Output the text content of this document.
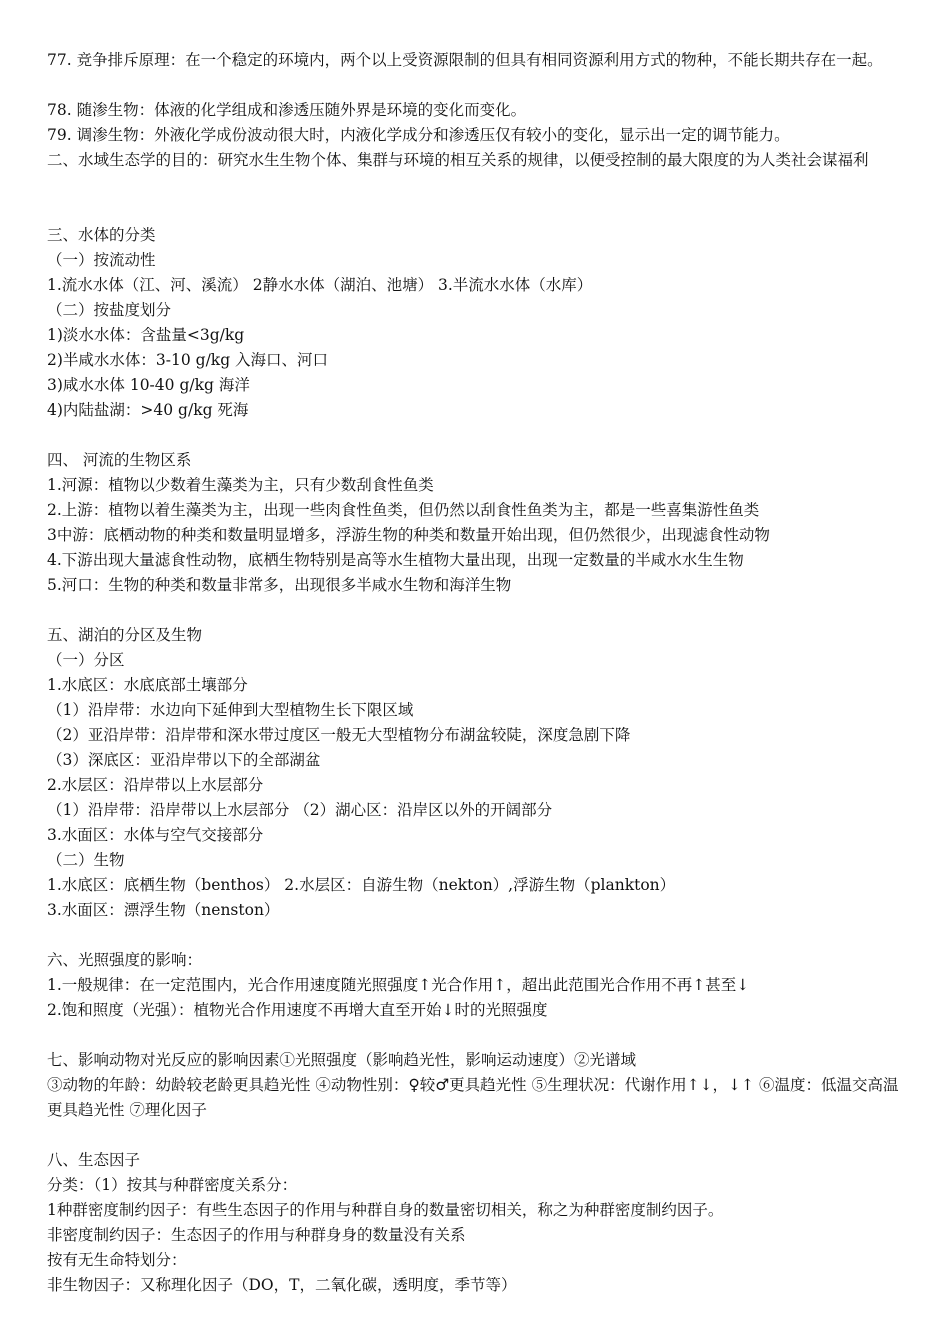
77. 竞争排斥原理：在一个稳定的环境内，两个以上受资源限制的但具有相同资源利用方式的物种，不能长期共存在一起。
78. 随渗生物：体液的化学组成和渗透压随外界是环境的变化而变化。
79. 调渗生物：外液化学成份波动很大时，内液化学成分和渗透压仅有较小的变化，显示出一定的调节能力。
二、水域生态学的目的：研究水生生物个体、集群与环境的相互关系的规律，以便受控制的最大限度的为人类社会谋福利
三、水体的分类
（一）按流动性
1.流水水体（江、河、溪流） 2静水水体（湖泊、池塘） 3.半流水水体（水库）
（二）按盐度划分
1)淡水水体：含盐量<3g/kg
2)半咸水水体：3-10 g/kg 入海口、河口
3)咸水水体 10-40 g/kg 海洋
4)内陆盐湖：>40 g/kg 死海
四、 河流的生物区系
1.河源：植物以少数着生藻类为主，只有少数刮食性鱼类
2.上游：植物以着生藻类为主，出现一些肉食性鱼类，但仍然以刮食性鱼类为主，都是一些喜集游性鱼类
3中游：底栖动物的种类和数量明显增多，浮游生物的种类和数量开始出现，但仍然很少，出现滤食性动物
4.下游出现大量滤食性动物，底栖生物特别是高等水生植物大量出现，出现一定数量的半咸水水生生物
5.河口：生物的种类和数量非常多，出现很多半咸水生物和海洋生物
五、湖泊的分区及生物
（一）分区
1.水底区：水底底部土壤部分
（1）沿岸带：水边向下延伸到大型植物生长下限区域
（2）亚沿岸带：沿岸带和深水带过度区一般无大型植物分布湖盆较陡，深度急剧下降
（3）深底区：亚沿岸带以下的全部湖盆
2.水层区：沿岸带以上水层部分
（1）沿岸带：沿岸带以上水层部分 （2）湖心区：沿岸区以外的开阔部分
3.水面区：水体与空气交接部分
（二）生物
1.水底区：底栖生物（benthos） 2.水层区：自游生物（nekton）,浮游生物（plankton）
3.水面区：漂浮生物（nenston）
六、光照强度的影响：
1.一般规律：在一定范围内，光合作用速度随光照强度↑光合作用↑，超出此范围光合作用不再↑甚至↓
2.饱和照度（光强）：植物光合作用速度不再增大直至开始↓时的光照强度
七、影响动物对光反应的影响因素①光照强度（影响趋光性，影响运动速度）②光谱域
③动物的年龄：幼龄较老龄更具趋光性 ④动物性别：♀较♂更具趋光性 ⑤生理状况：代谢作用↑↓，↓↑ ⑥温度：低温交高温更具趋光性 ⑦理化因子
八、生态因子
分类：（1）按其与种群密度关系分：
1种群密度制约因子：有些生态因子的作用与种群自身的数量密切相关，称之为种群密度制约因子。
非密度制约因子：生态因子的作用与种群身身的数量没有关系
按有无生命特划分：
非生物因子：又称理化因子（DO，T，二氧化碳，透明度，季节等）
